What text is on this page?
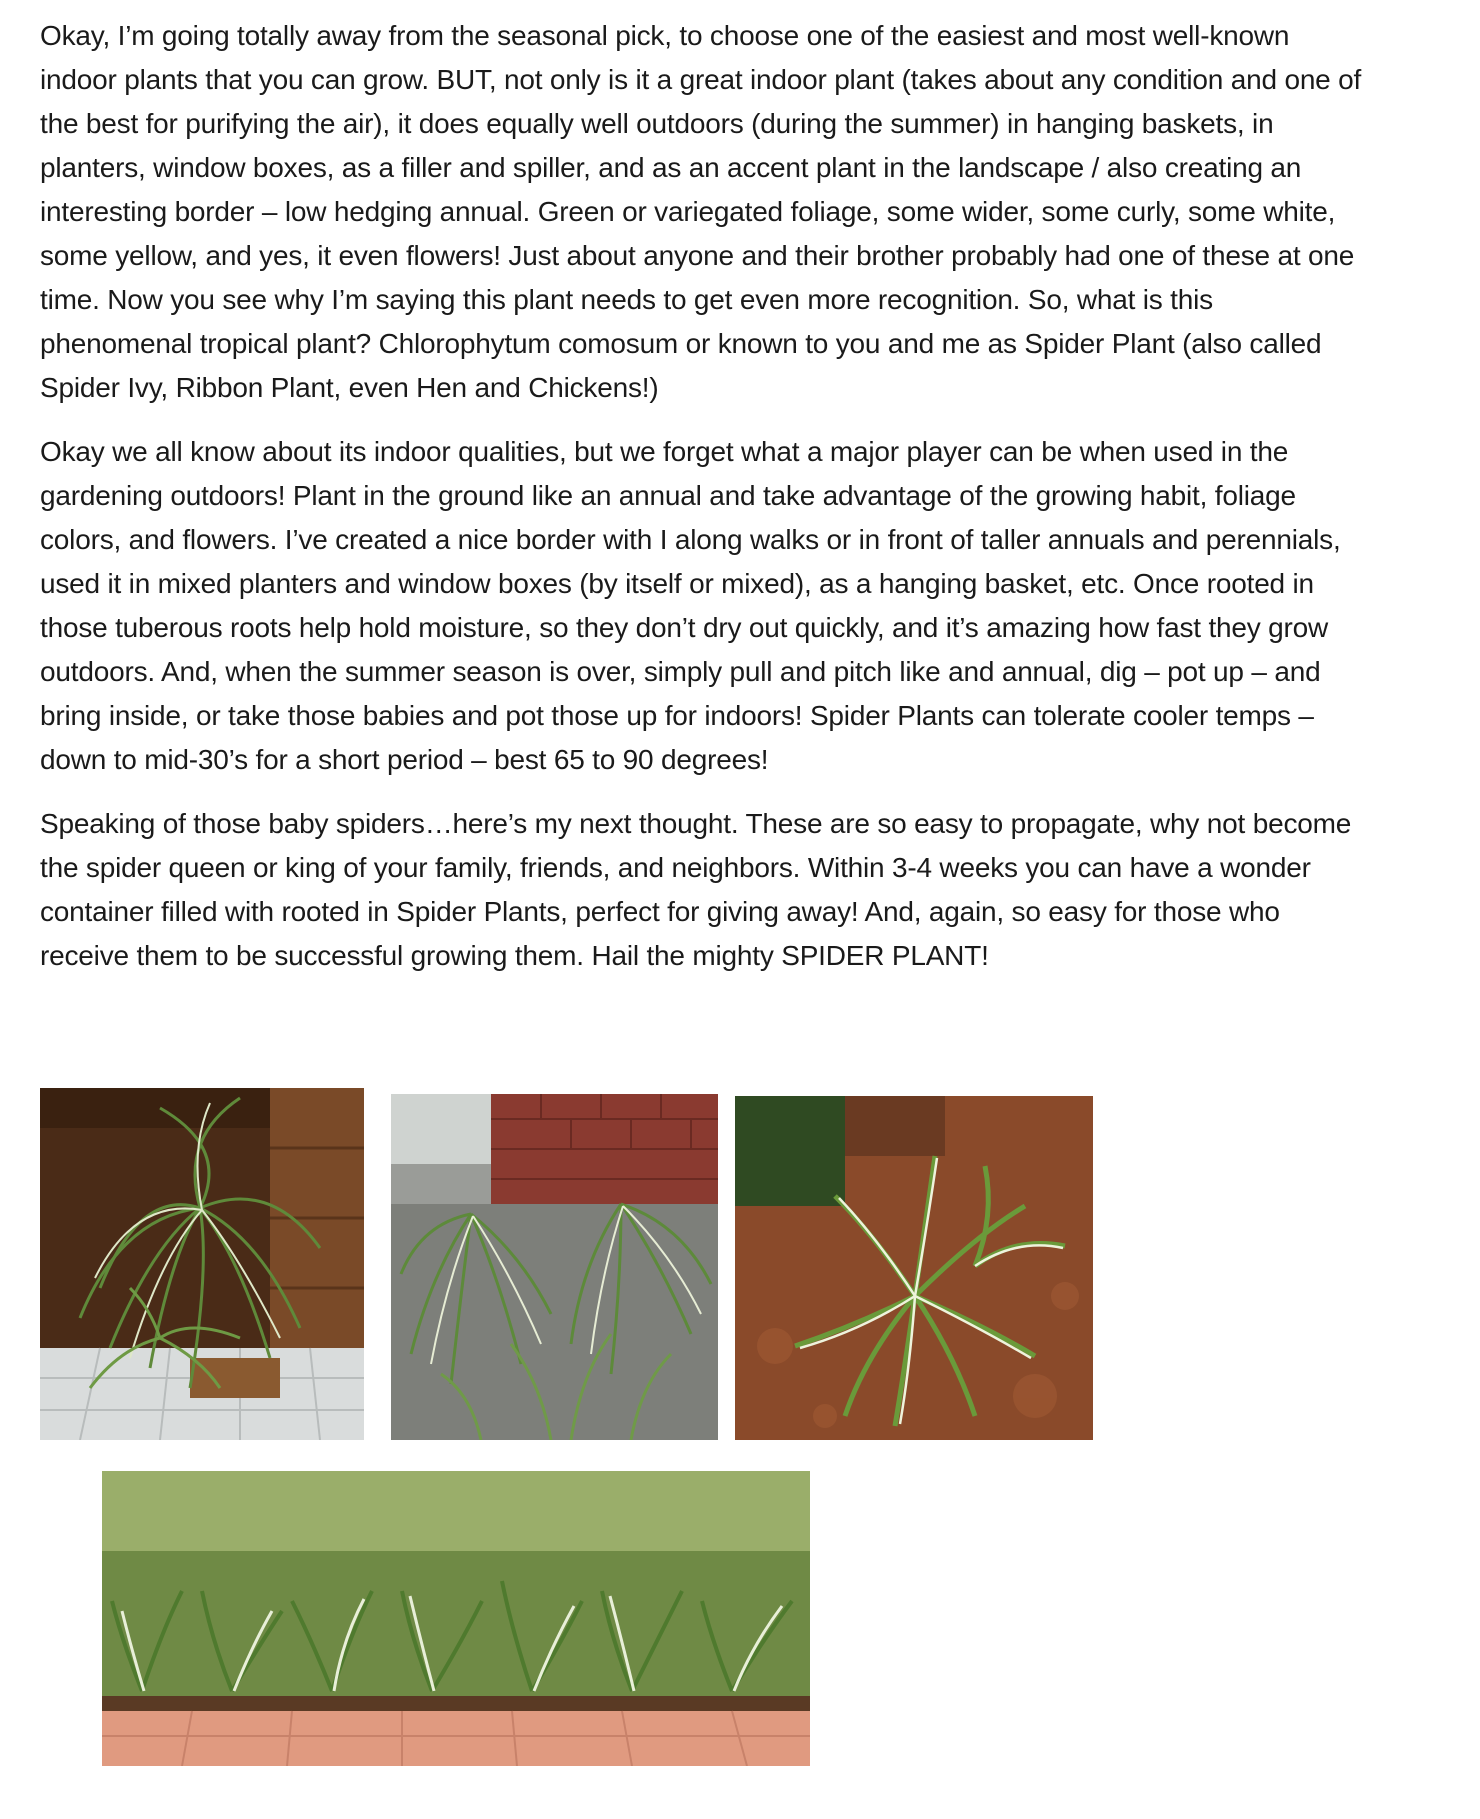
Okay, I’m going totally away from the seasonal pick, to choose one of the easiest and most well-known indoor plants that you can grow. BUT, not only is it a great indoor plant (takes about any condition and one of the best for purifying the air), it does equally well outdoors (during the summer) in hanging baskets, in planters, window boxes, as a filler and spiller, and as an accent plant in the landscape / also creating an interesting border – low hedging annual. Green or variegated foliage, some wider, some curly, some white, some yellow, and yes, it even flowers! Just about anyone and their brother probably had one of these at one time. Now you see why I’m saying this plant needs to get even more recognition. So, what is this phenomenal tropical plant? Chlorophytum comosum or known to you and me as Spider Plant (also called Spider Ivy, Ribbon Plant, even Hen and Chickens!)

Okay we all know about its indoor qualities, but we forget what a major player can be when used in the gardening outdoors! Plant in the ground like an annual and take advantage of the growing habit, foliage colors, and flowers. I’ve created a nice border with I along walks or in front of taller annuals and perennials, used it in mixed planters and window boxes (by itself or mixed), as a hanging basket, etc. Once rooted in those tuberous roots help hold moisture, so they don’t dry out quickly, and it’s amazing how fast they grow outdoors. And, when the summer season is over, simply pull and pitch like and annual, dig – pot up – and bring inside, or take those babies and pot those up for indoors! Spider Plants can tolerate cooler temps – down to mid-30’s for a short period – best 65 to 90 degrees!

Speaking of those baby spiders…here’s my next thought. These are so easy to propagate, why not become the spider queen or king of your family, friends, and neighbors. Within 3-4 weeks you can have a wonder container filled with rooted in Spider Plants, perfect for giving away! And, again, so easy for those who receive them to be successful growing them. Hail the mighty SPIDER PLANT!
